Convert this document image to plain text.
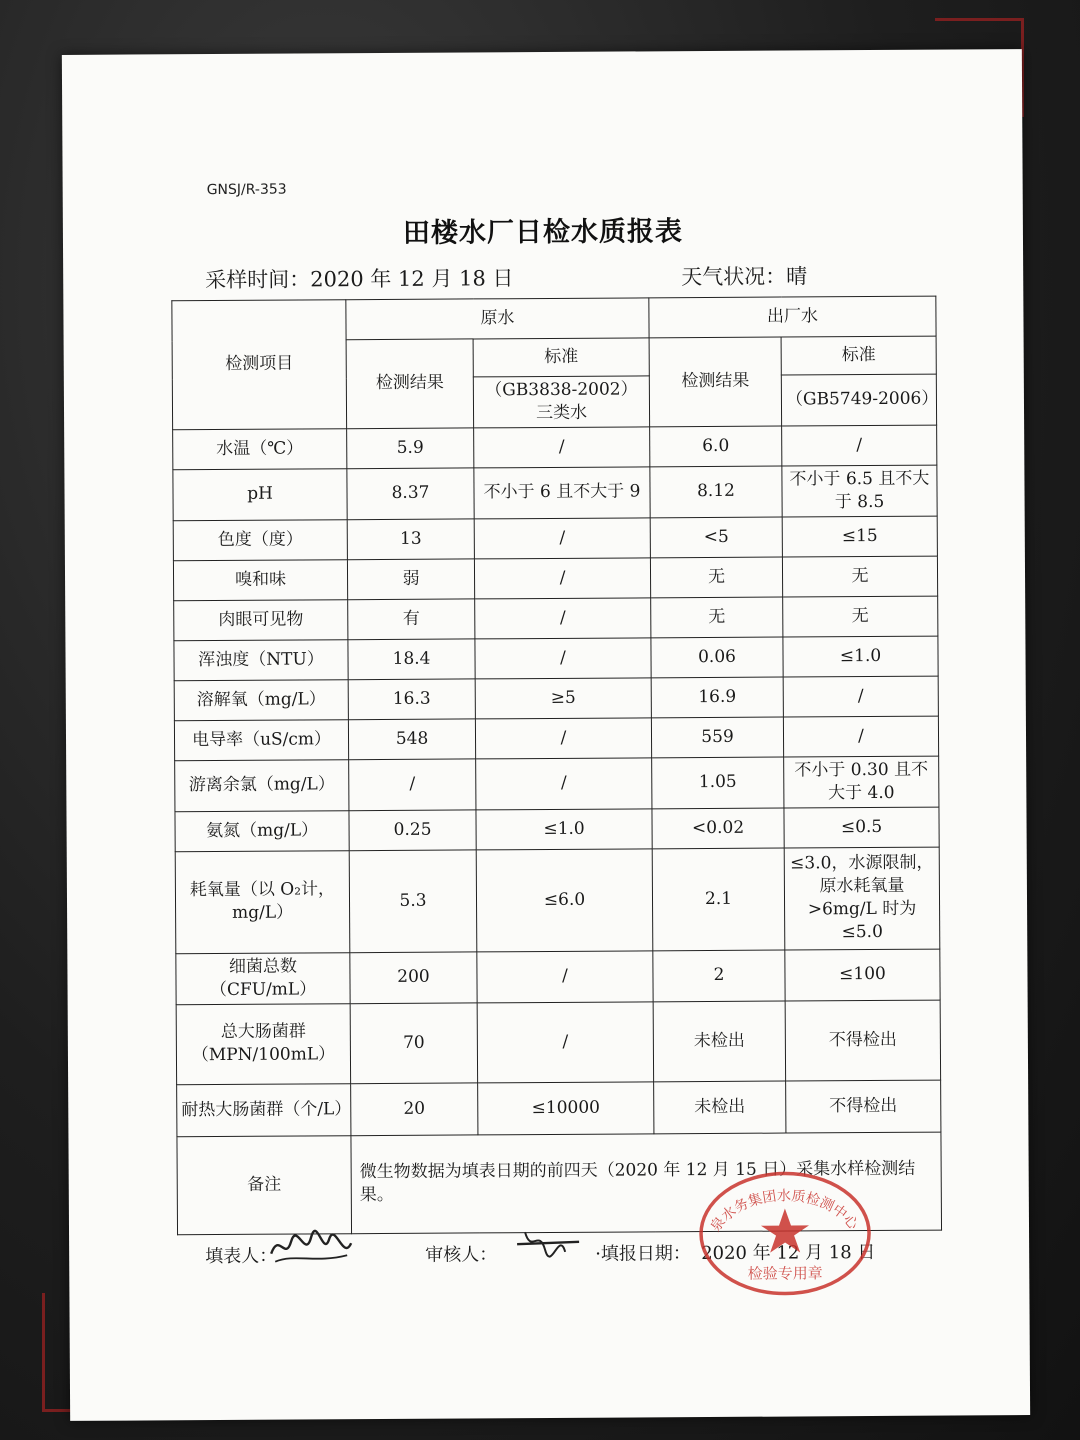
GNSJ/R-353
田楼水厂日检水质报表
采样时间：2020 年 12 月 18 日	天气状况：晴
检测项目	原水		出厂水	
	检测结果	标准	检测结果	标准
		（GB3838-2002）三类水		（GB5749-2006）
水温（℃）	5.9	/	6.0	/
pH	8.37	不小于 6 且不大于 9	8.12	不小于 6.5 且不大于 8.5
色度（度）	13	/	<5	≤15
嗅和味	弱	/	无	无
肉眼可见物	有	/	无	无
浑浊度（NTU）	18.4	/	0.06	≤1.0
溶解氧（mg/L）	16.3	≥5	16.9	/
电导率（uS/cm）	548	/	559	/
游离余氯（mg/L）	/	/	1.05	不小于 0.30 且不大于 4.0
氨氮（mg/L）	0.25	≤1.0	<0.02	≤0.5
耗氧量（以 O₂计，mg/L）	5.3	≤6.0	2.1	≤3.0，水源限制，原水耗氧量>6mg/L 时为≤5.0
细菌总数（CFU/mL）	200	/	2	≤100
总大肠菌群（MPN/100mL）	70	/	未检出	不得检出
耐热大肠菌群（个/L）	20	≤10000	未检出	不得检出
备注	微生物数据为填表日期的前四天（2020 年 12 月 15 日）采集水样检测结果。			
填表人：	审核人：	·填报日期： 2020 年 12 月 18 日
泉水务集团水质检测中心
检验专用章
